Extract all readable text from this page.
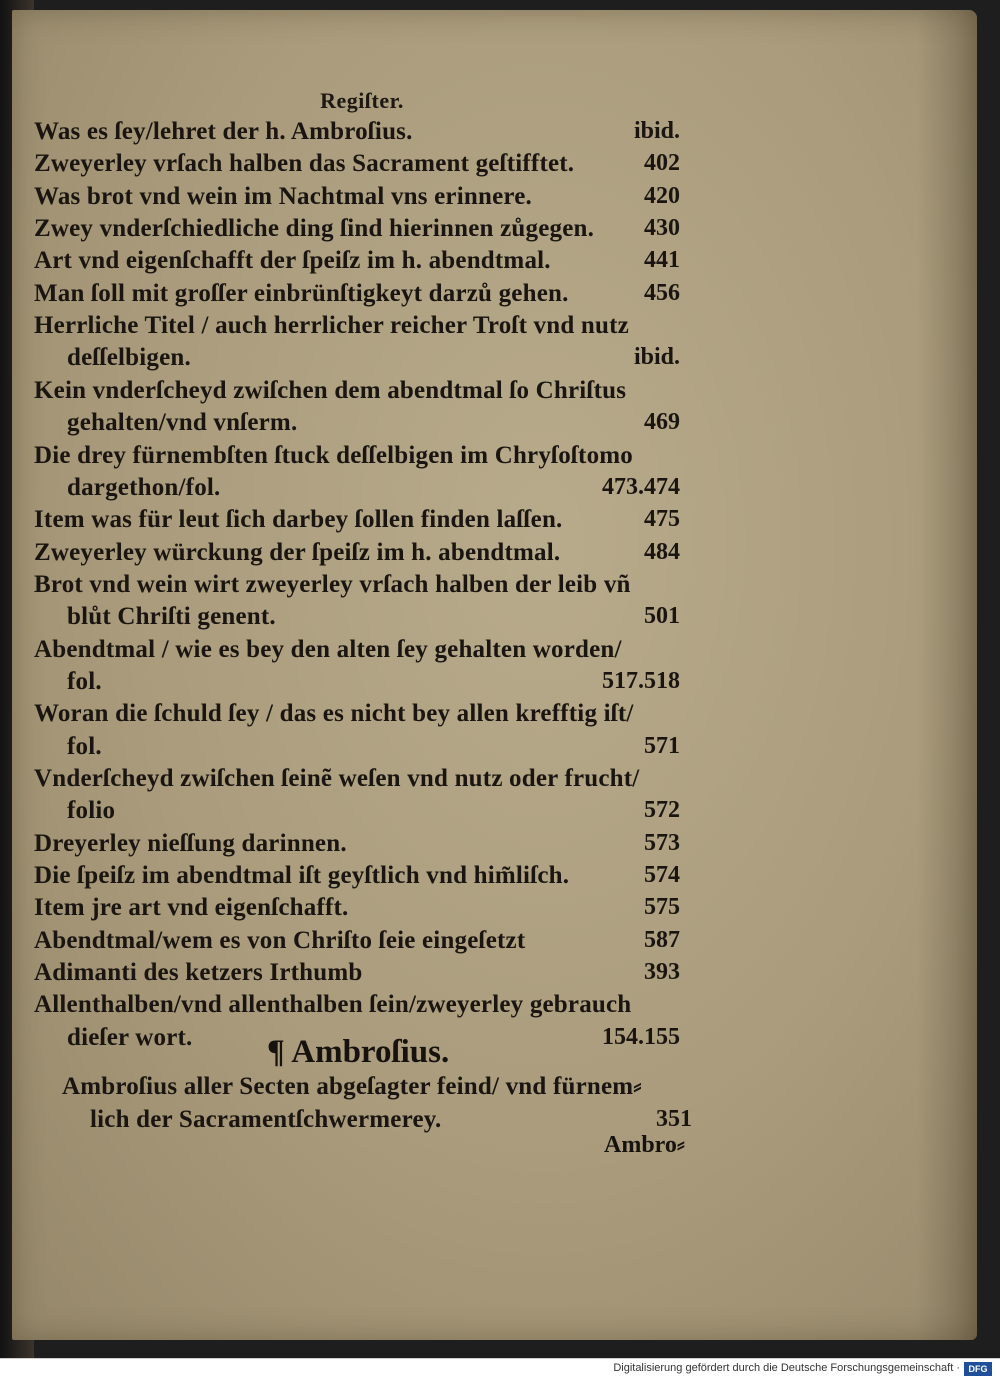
Regiſter.
Was es ſey/lehret der h. Ambroſius.	ibid.
Zweyerley vrſach halben das Sacrament geſtifftet.	402
Was brot vnd wein im Nachtmal vns erinnere.	420
Zwey vnderſchiedliche ding ſind hierinnen zůgegen.	430
Art vnd eigenſchafft der ſpeiſz im h. abendtmal.	441
Man ſoll mit groſſer einbrünſtigkeyt darzů gehen.	456
Herrliche Titel / auch herrlicher reicher Troſt vnd nutz
deſſelbigen.	ibid.
Kein vnderſcheyd zwiſchen dem abendtmal ſo Chriſtus
gehalten/vnd vnſerm.	469
Die drey fürnembſten ſtuck deſſelbigen im Chryſoſtomo
dargethon/fol.	473.474
Item was für leut ſich darbey ſollen finden laſſen.	475
Zweyerley würckung der ſpeiſz im h. abendtmal.	484
Brot vnd wein wirt zweyerley vrſach halben der leib vñ
blůt Chriſti genent.	501
Abendtmal / wie es bey den alten ſey gehalten worden/
fol.	517.518
Woran die ſchuld ſey / das es nicht bey allen krefftig iſt/
fol.	571
Vnderſcheyd zwiſchen ſeinẽ weſen vnd nutz oder frucht/
folio	572
Dreyerley nieſſung darinnen.	573
Die ſpeiſz im abendtmal iſt geyſtlich vnd him̃liſch.	574
Item jre art vnd eigenſchafft.	575
Abendtmal/wem es von Chriſto ſeie eingeſetzt	587
Adimanti des ketzers Irthumb	393
Allenthalben/vnd allenthalben ſein/zweyerley gebrauch
dieſer wort.	154.155
Ambroſius aller Secten abgeſagter feind/ vnd fürnem⸗
lich der Sacramentſchwermerey.	351
¶ Ambroſius.
Ambro⸗
Digitalisierung gefördert durch die Deutsche Forschungsgemeinschaft · DFG
